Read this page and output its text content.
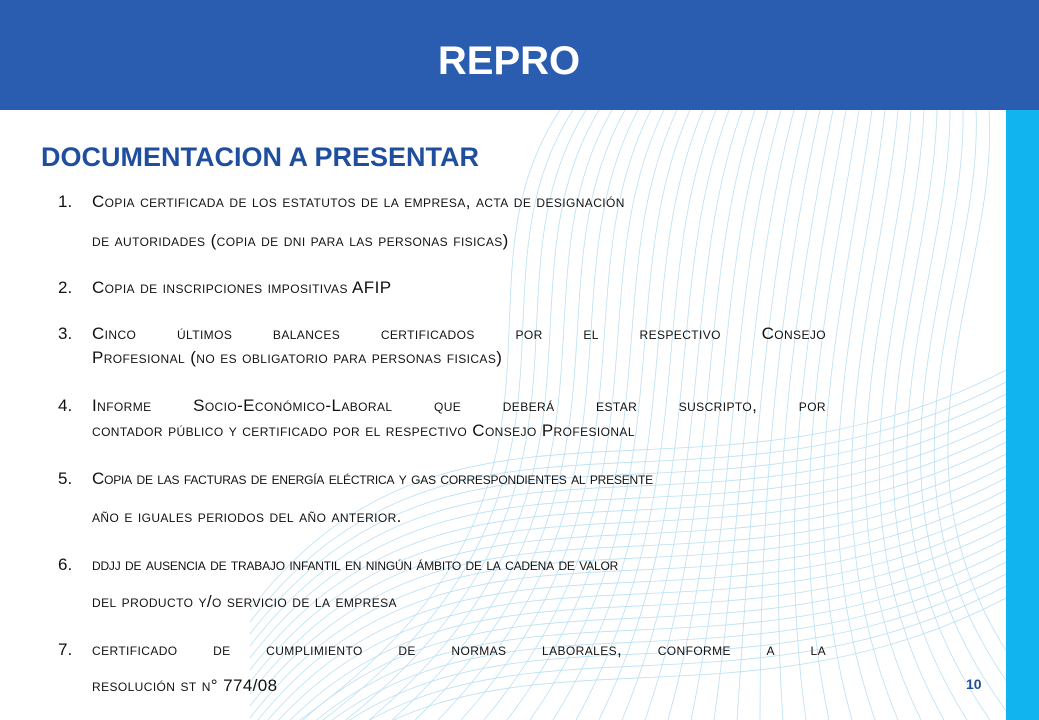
REPRO
DOCUMENTACION A PRESENTAR
1. Copia certificada de los estatutos de la empresa, acta de designación
de autoridades (copia de dni para las personas fisicas)
2. Copia de inscripciones impositivas AFIP
3. Cinco últimos balances certificados por el respectivo Consejo
Profesional (no es obligatorio para personas fisicas)
4. Informe Socio-Económico-Laboral que deberá estar suscripto, por
contador público y certificado por el respectivo Consejo Profesional
5. Copia de las facturas de energía eléctrica y gas correspondientes al presente
año e iguales periodos del año anterior.
6. ddjj de ausencia de trabajo infantil en ningún ámbito de la cadena de valor
del producto y/o servicio de la empresa
7. certificado de cumplimiento de normas laborales, conforme a la
resolución st n° 774/08	10
